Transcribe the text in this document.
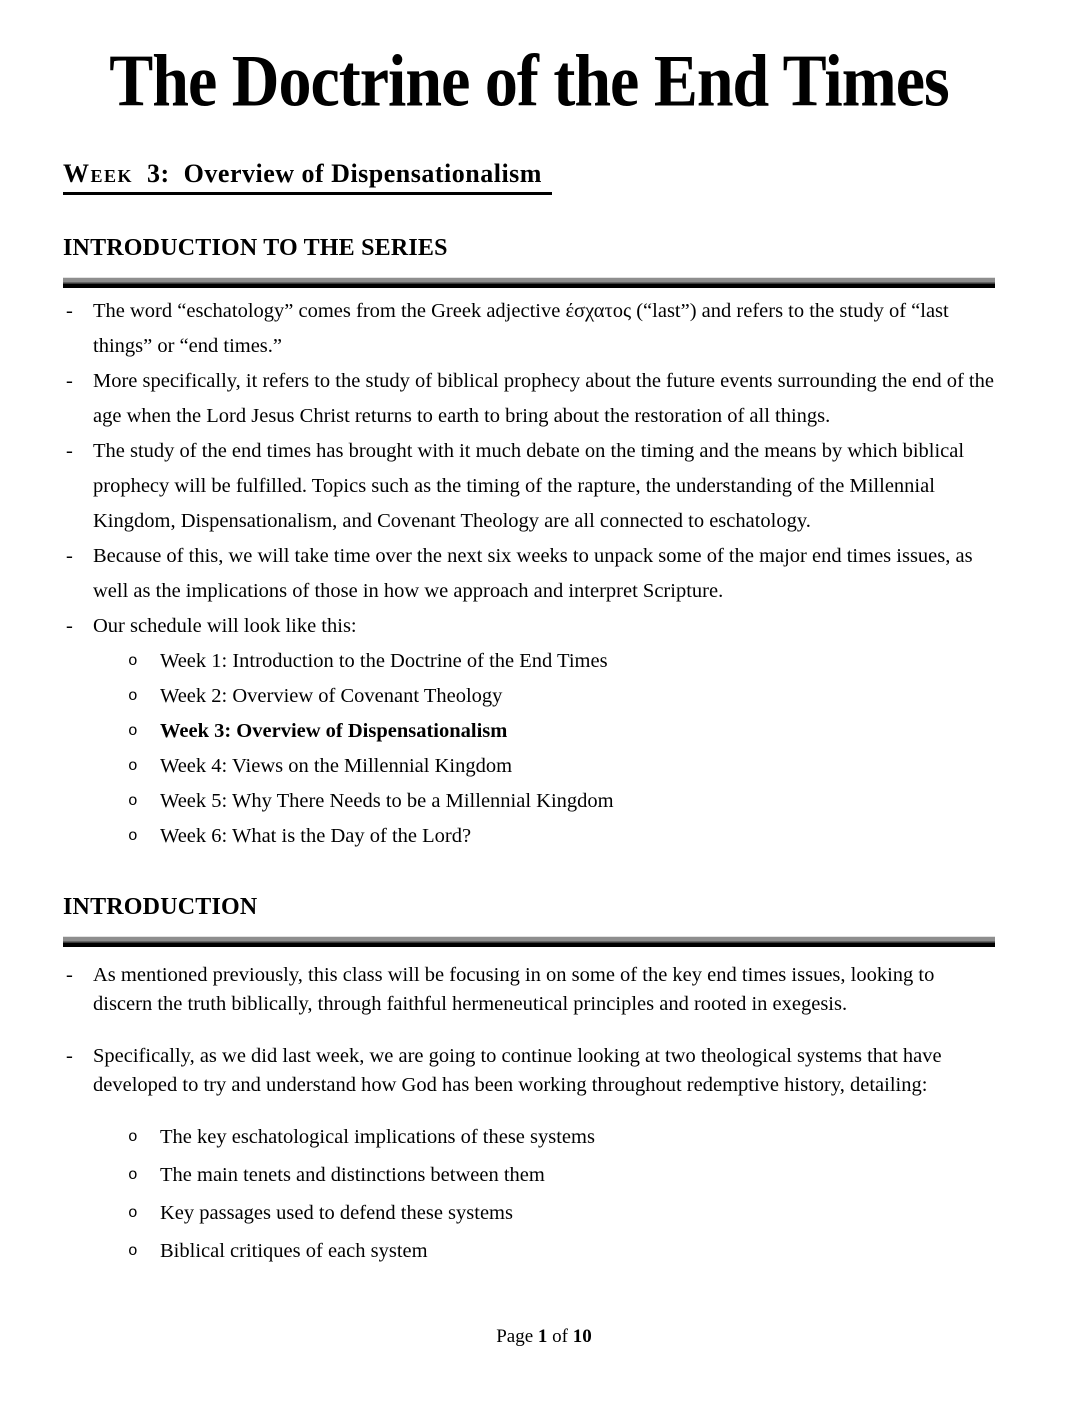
The Doctrine of the End Times
Week  3:  Overview of Dispensationalism
INTRODUCTION TO THE SERIES
- The word “eschatology” comes from the Greek adjective έσχατος (“last”) and refers to the study of “last things” or “end times.”
- More specifically, it refers to the study of biblical prophecy about the future events surrounding the end of the age when the Lord Jesus Christ returns to earth to bring about the restoration of all things.
- The study of the end times has brought with it much debate on the timing and the means by which biblical prophecy will be fulfilled. Topics such as the timing of the rapture, the understanding of the Millennial Kingdom, Dispensationalism, and Covenant Theology are all connected to eschatology.
- Because of this, we will take time over the next six weeks to unpack some of the major end times issues, as well as the implications of those in how we approach and interpret Scripture.
- Our schedule will look like this:
o	Week 1: Introduction to the Doctrine of the End Times
o	Week 2: Overview of Covenant Theology
o	Week 3: Overview of Dispensationalism
o	Week 4: Views on the Millennial Kingdom
o	Week 5: Why There Needs to be a Millennial Kingdom
o	Week 6: What is the Day of the Lord?
INTRODUCTION
- As mentioned previously, this class will be focusing in on some of the key end times issues, looking to discern the truth biblically, through faithful hermeneutical principles and rooted in exegesis.
- Specifically, as we did last week, we are going to continue looking at two theological systems that have developed to try and understand how God has been working throughout redemptive history, detailing:
o	The key eschatological implications of these systems
o	The main tenets and distinctions between them
o	Key passages used to defend these systems
o	Biblical critiques of each system
Page 1 of 10
